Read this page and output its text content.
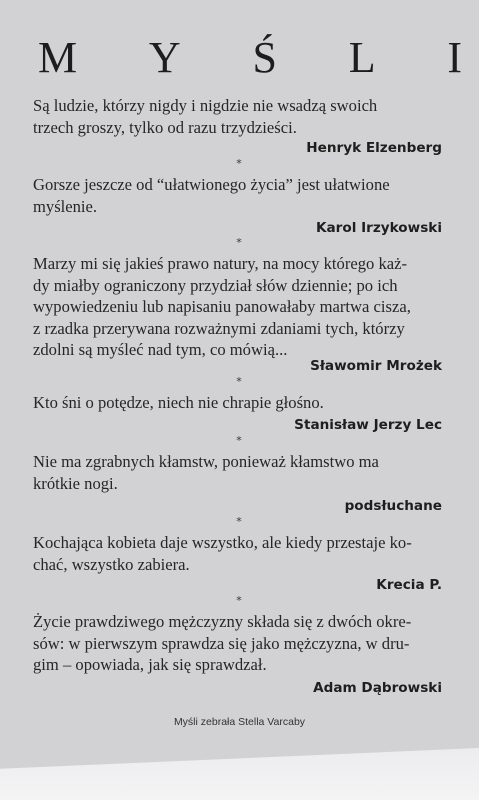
M Y Ś L I
Są ludzie, którzy nigdy i nigdzie nie wsadzą swoich
trzech groszy, tylko od razu trzydzieści.
Henryk Elzenberg
*
Gorsze jeszcze od “ułatwionego życia” jest ułatwione
myślenie.
Karol Irzykowski
*
Marzy mi się jakieś prawo natury, na mocy którego każ-
dy miałby ograniczony przydział słów dziennie; po ich
wypowiedzeniu lub napisaniu panowałaby martwa cisza,
z rzadka przerywana rozważnymi zdaniami tych, którzy
zdolni są myśleć nad tym, co mówią...
Sławomir Mrożek
*
Kto śni o potędze, niech nie chrapie głośno.
Stanisław Jerzy Lec
*
Nie ma zgrabnych kłamstw, ponieważ kłamstwo ma
krótkie nogi.
podsłuchane
*
Kochająca kobieta daje wszystko, ale kiedy przestaje ko-
chać, wszystko zabiera.
Krecia P.
*
Życie prawdziwego mężczyzny składa się z dwóch okre-
sów: w pierwszym sprawdza się jako mężczyzna, w dru-
gim – opowiada, jak się sprawdzał.
Adam Dąbrowski
Myśli zebrała Stella Varcaby
